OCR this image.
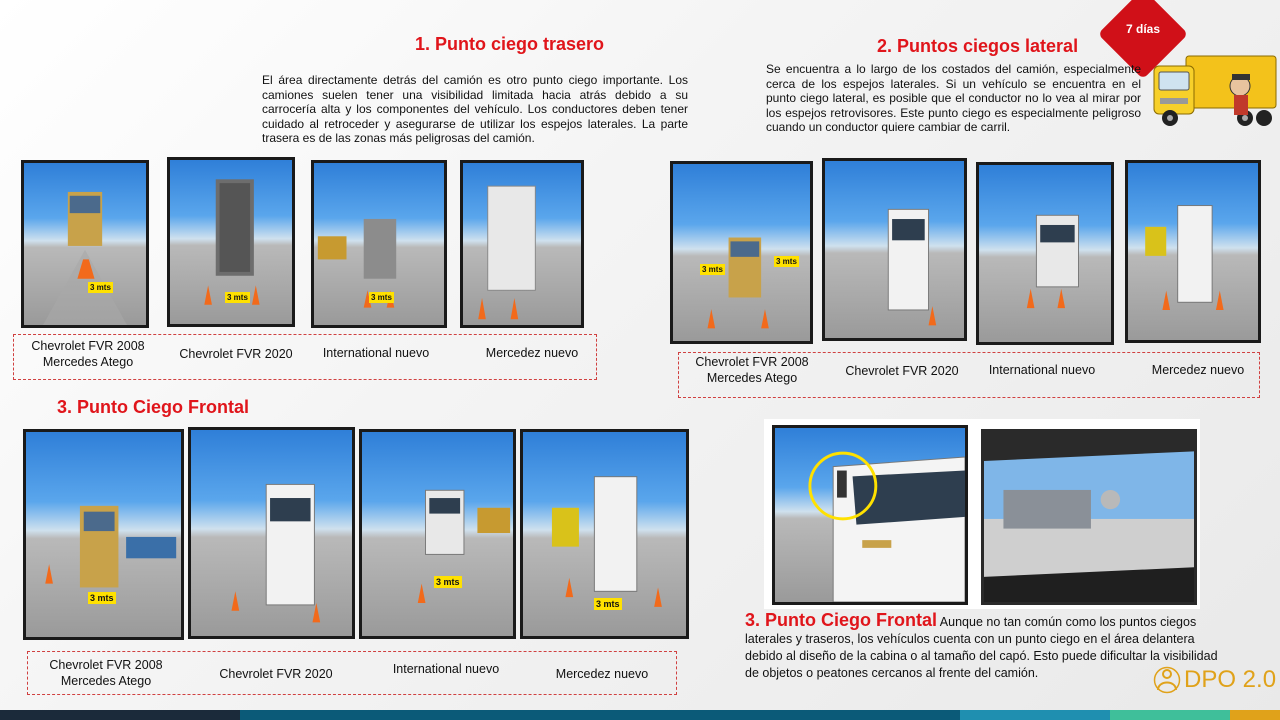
7 días
1. Punto ciego trasero
El área directamente detrás del camión es otro punto ciego importante. Los camiones suelen tener una visibilidad limitada hacia atrás debido a su carrocería alta y los componentes del vehículo. Los conductores deben tener cuidado al retroceder y asegurarse de utilizar los espejos laterales. La parte trasera es de las zonas más peligrosas del camión.
3 mts
3 mts	3 mts
Chevrolet FVR 2008
Mercedes Atego
Chevrolet FVR 2020	International nuevo	Mercedez nuevo
2. Puntos ciegos lateral
Se encuentra a lo largo de los costados del camión, especialmente cerca de los espejos laterales. Si un vehículo se encuentra en el punto ciego lateral, es posible que el conductor no lo vea al mirar por los espejos retrovisores. Este punto ciego es especialmente peligroso cuando un conductor quiere cambiar de carril.
3 mts
3 mts
Chevrolet FVR 2008
Mercedes Atego	Chevrolet FVR 2020	International nuevo	Mercedez nuevo
3. Punto Ciego Frontal
3 mts
3 mts
3 mts
Chevrolet FVR 2008
Mercedes Atego	Chevrolet FVR 2020	International nuevo	Mercedez nuevo
3. Punto Ciego Frontal Aunque no tan común como los puntos ciegos laterales y traseros, los vehículos cuenta con un punto ciego en el área delantera debido al diseño de la cabina o al tamaño del capó. Esto puede dificultar la visibilidad de objetos o peatones cercanos al frente del camión.	DPO 2.0
